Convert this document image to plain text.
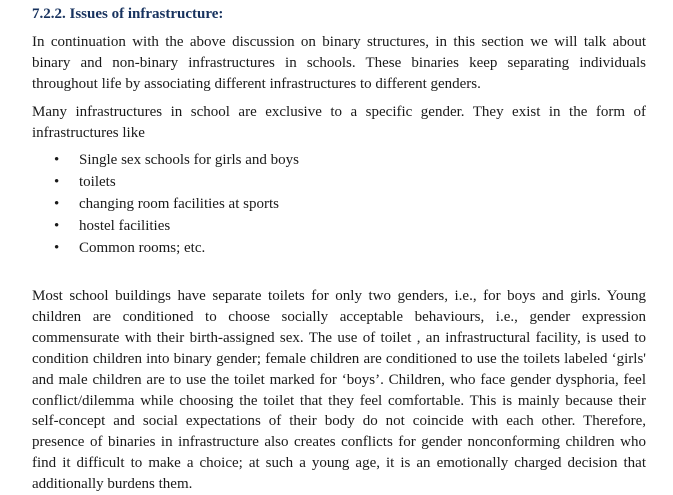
7.2.2. Issues of infrastructure:

In continuation with the above discussion on binary structures, in this section we will talk about binary and non-binary infrastructures in schools. These binaries keep separating individuals throughout life by associating different infrastructures to different genders.

Many infrastructures in school are exclusive to a specific gender. They exist in the form of infrastructures like

• Single sex schools for girls and boys
• toilets
• changing room facilities at sports
• hostel facilities
• Common rooms; etc.

Most school buildings have separate toilets for only two genders, i.e., for boys and girls. Young children are conditioned to choose socially acceptable behaviours, i.e., gender expression commensurate with their birth-assigned sex. The use of toilet , an infrastructural facility, is used to condition children into binary gender; female children are conditioned to use the toilets labeled ‘girls' and male children are to use the toilet marked for ‘boys’. Children, who face gender dysphoria, feel conflict/dilemma while choosing the toilet that they feel comfortable. This is mainly because their self-concept and social expectations of their body do not coincide with each other. Therefore, presence of binaries in infrastructure also creates conflicts for gender nonconforming children who find it difficult to make a choice; at such a young age, it is an emotionally charged decision that additionally burdens them.
